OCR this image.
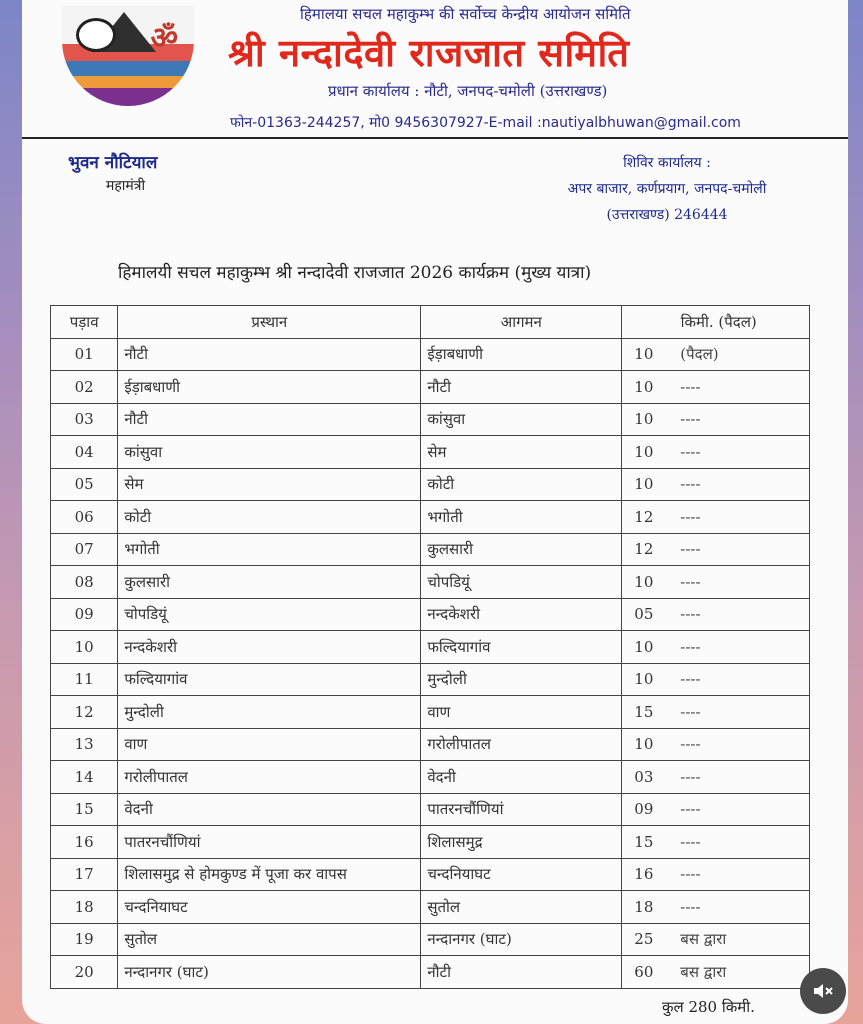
ॐ
हिमालया सचल महाकुम्भ की सर्वोच्च केन्द्रीय आयोजन समिति
श्री नन्दादेवी राजजात समिति
प्रधान कार्यालय : नौटी, जनपद-चमोली (उत्तराखण्ड)
फोन-01363-244257, मो0 9456307927-E-mail :nautiyalbhuwan@gmail.com
भुवन नौटियाल
महामंत्री
शिविर कार्यालय :
अपर बाजार, कर्णप्रयाग, जनपद-चमोली
(उत्तराखण्ड) 246444
हिमालयी सचल महाकुम्भ श्री नन्दादेवी राजजात 2026 कार्यक्रम (मुख्य यात्रा)
पड़ाव	प्रस्थान	आगमन	किमी. (पैदल)
01	नौटी	ईड़ाबधाणी	10 (पैदल)
02	ईड़ाबधाणी	नौटी	10 ----
03	नौटी	कांसुवा	10 ----
04	कांसुवा	सेम	10 ----
05	सेम	कोटी	10 ----
06	कोटी	भगोती	12 ----
07	भगोती	कुलसारी	12 ----
08	कुलसारी	चोपडियूं	10 ----
09	चोपडियूं	नन्दकेशरी	05 ----
10	नन्दकेशरी	फल्दियागांव	10 ----
11	फल्दियागांव	मुन्दोली	10 ----
12	मुन्दोली	वाण	15 ----
13	वाण	गरोलीपातल	10 ----
14	गरोलीपातल	वेदनी	03 ----
15	वेदनी	पातरनचौंणियां	09 ----
16	पातरनचौंणियां	शिलासमुद्र	15 ----
17	शिलासमुद्र से होमकुण्ड में पूजा कर वापस	चन्दनियाघट	16 ----
18	चन्दनियाघट	सुतोल	18 ----
19	सुतोल	नन्दानगर (घाट)	25 बस द्वारा
20	नन्दानगर (घाट)	नौटी	60 बस द्वारा
कुल 280 किमी.
